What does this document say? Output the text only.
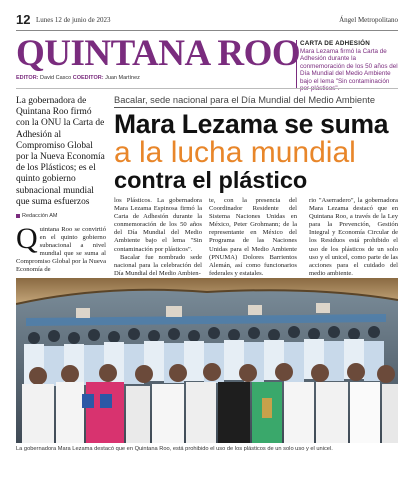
12 Lunes 12 de junio de 2023	Ángel Metropolitano
QUINTANA ROO
EDITOR: David Casco COEDITOR: Juan Martínez
CARTA DE ADHESIÓN
Mara Lezama firmó la Carta de Adhesión durante la conmemoración de los 50 años del Día Mundial del Medio Ambiente bajo el lema "Sin contaminación
La gobernadora de Quintana Roo firmó con la ONU la Carta de Adhesión al Compromiso Global por la Nueva Economía de los Plásticos; es el quinto gobierno subnacional mundial que suma esfuerzos
Redacción AM
Bacalar, sede nacional para el Día Mundial del Medio Ambiente
Mara Lezama se suma
a la lucha mundial
contra el plástico
Quintana Roo se convirtió en el quinto gobierno subnacional a nivel mundial que se suma al Compromiso Global por la Nueva Economía de

los Plásticos. La gobernadora Mara Lezama Espinosa firmó la Carta de Adhesión durante la conmemoración de los 50 años del Día Mundial del Medio Ambiente bajo el lema "Sin contaminación por plásticos".

Bacalar fue nombrado sede nacional para la celebración del Día Mundial del Medio Ambien-

te, con la presencia del Coordinador Residente del Sistema Naciones Unidas en México, Peter Grohmann; de la representante en México del Programa de las Naciones Unidas para el Medio Ambiente (PNUMA) Dolores Barrientos Alemán, así como funcionarios federales y estatales.

rio "Aserradero", la gobernadora Mara Lezama destacó que en Quintana Roo, a través de la Ley para la Prevención, Gestión Integral y Economía Circular de los Residuos está prohibido el uso de los plásticos de un solo uso y el unicel, como parte de las acciones para el cuidado del medio ambiente.

La gobernadora Mara Lezama destacó que en Quintana Roo, está prohibido el uso de los plásticos de un solo uso y el unicel.
